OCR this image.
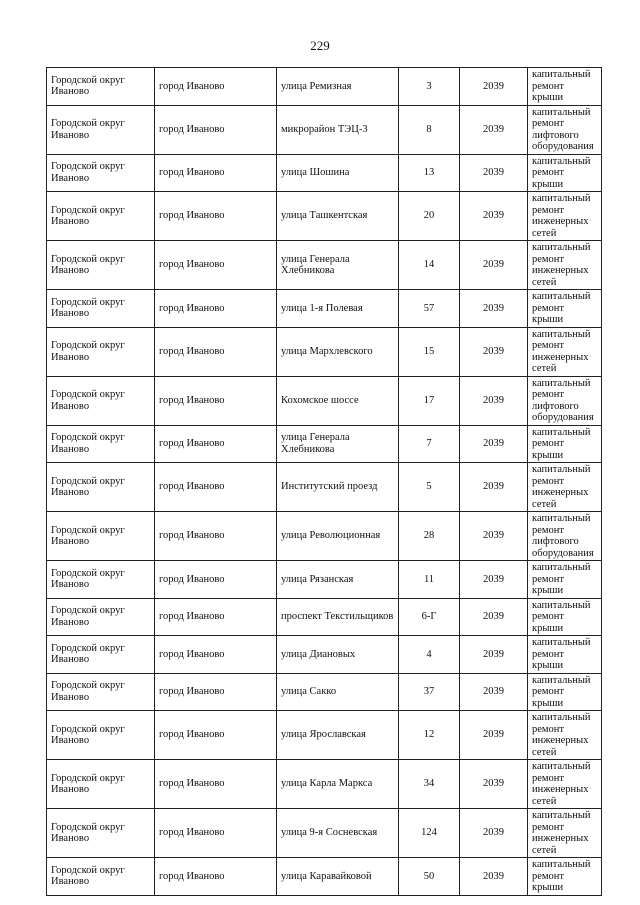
229
Городской округ Иваново	город Иваново	улица Ремизная	3	2039	капитальный ремонт крыши
Городской округ Иваново	город Иваново	микрорайон ТЭЦ-3	8	2039	капитальный ремонт лифтового оборудования
Городской округ Иваново	город Иваново	улица Шошина	13	2039	капитальный ремонт крыши
Городской округ Иваново	город Иваново	улица Ташкентская	20	2039	капитальный ремонт инженерных сетей
Городской округ Иваново	город Иваново	улица Генерала Хлебникова	14	2039	капитальный ремонт инженерных сетей
Городской округ Иваново	город Иваново	улица 1-я Полевая	57	2039	капитальный ремонт крыши
Городской округ Иваново	город Иваново	улица Мархлевского	15	2039	капитальный ремонт инженерных сетей
Городской округ Иваново	город Иваново	Кохомское шоссе	17	2039	капитальный ремонт лифтового оборудования
Городской округ Иваново	город Иваново	улица Генерала Хлебникова	7	2039	капитальный ремонт крыши
Городской округ Иваново	город Иваново	Институтский проезд	5	2039	капитальный ремонт инженерных сетей
Городской округ Иваново	город Иваново	улица Революционная	28	2039	капитальный ремонт лифтового оборудования
Городской округ Иваново	город Иваново	улица Рязанская	11	2039	капитальный ремонт крыши
Городской округ Иваново	город Иваново	проспект Текстильщиков	6-Г	2039	капитальный ремонт крыши
Городской округ Иваново	город Иваново	улица Диановых	4	2039	капитальный ремонт крыши
Городской округ Иваново	город Иваново	улица Сакко	37	2039	капитальный ремонт крыши
Городской округ Иваново	город Иваново	улица Ярославская	12	2039	капитальный ремонт инженерных сетей
Городской округ Иваново	город Иваново	улица Карла Маркса	34	2039	капитальный ремонт инженерных сетей
Городской округ Иваново	город Иваново	улица 9-я Сосневская	124	2039	капитальный ремонт инженерных сетей
Городской округ Иваново	город Иваново	улица Каравайковой	50	2039	капитальный ремонт крыши
